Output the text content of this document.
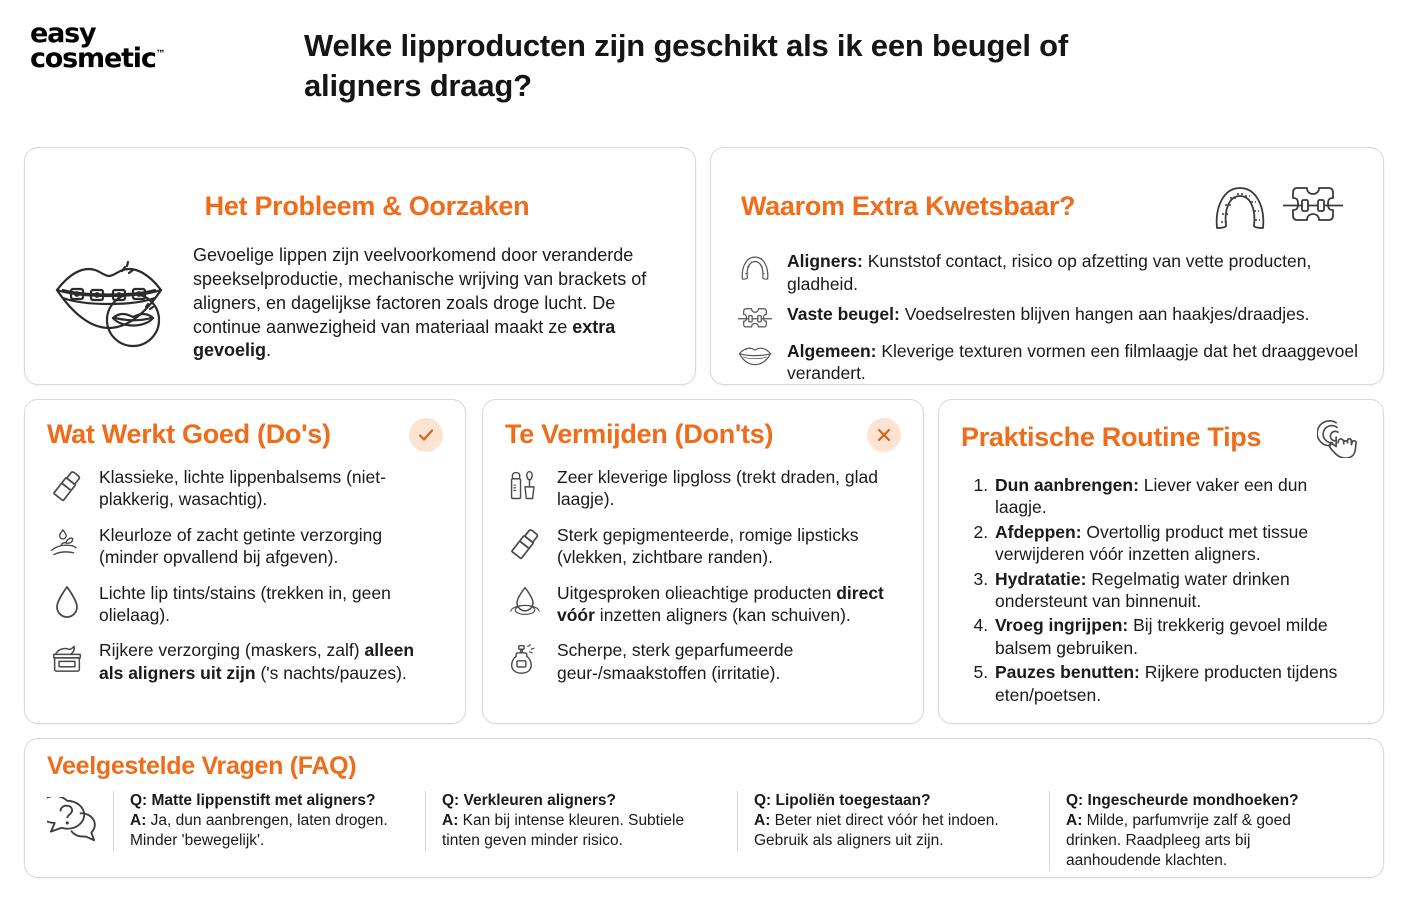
easy
cosmetic™	Welke lipproducten zijn geschikt als ik een beugel of aligners draag?
Het Probleem & Oorzaken
Gevoelige lippen zijn veelvoorkomend door veranderde speekselproductie, mechanische wrijving van brackets of aligners, en dagelijkse factoren zoals droge lucht. De continue aanwezigheid van materiaal maakt ze extra gevoelig.
Waarom Extra Kwetsbaar?
Aligners: Kunststof contact, risico op afzetting van vette producten, gladheid.
Vaste beugel: Voedselresten blijven hangen aan haakjes/draadjes.
Algemeen: Kleverige texturen vormen een filmlaagje dat het draaggevoel verandert.
Wat Werkt Goed (Do's)
Klassieke, lichte lippenbalsems (niet-plakkerig, wasachtig).
Kleurloze of zacht getinte verzorging (minder opvallend bij afgeven).
Lichte lip tints/stains (trekken in, geen olielaag).
Rijkere verzorging (maskers, zalf) alleen als aligners uit zijn ('s nachts/pauzes).
Te Vermijden (Don'ts)
Zeer kleverige lipgloss (trekt draden, glad laagje).
Sterk gepigmenteerde, romige lipsticks (vlekken, zichtbare randen).
Uitgesproken olieachtige producten direct vóór inzetten aligners (kan schuiven).
Scherpe, sterk geparfumeerde geur-/smaakstoffen (irritatie).
Praktische Routine Tips
1. Dun aanbrengen: Liever vaker een dun laagje.
2. Afdeppen: Overtollig product met tissue verwijderen vóór inzetten aligners.
3. Hydratatie: Regelmatig water drinken ondersteunt van binnenuit.
4. Vroeg ingrijpen: Bij trekkerig gevoel milde balsem gebruiken.
5. Pauzes benutten: Rijkere producten tijdens eten/poetsen.
Veelgestelde Vragen (FAQ)
Q: Matte lippenstift met aligners?
A: Ja, dun aanbrengen, laten drogen. Minder 'bewegelijk'.
Q: Verkleuren aligners?
A: Kan bij intense kleuren. Subtiele tinten geven minder risico.
Q: Lipoliën toegestaan?
A: Beter niet direct vóór het indoen. Gebruik als aligners uit zijn.
Q: Ingescheurde mondhoeken?
A: Milde, parfumvrije zalf & goed drinken. Raadpleeg arts bij aanhoudende klachten.
